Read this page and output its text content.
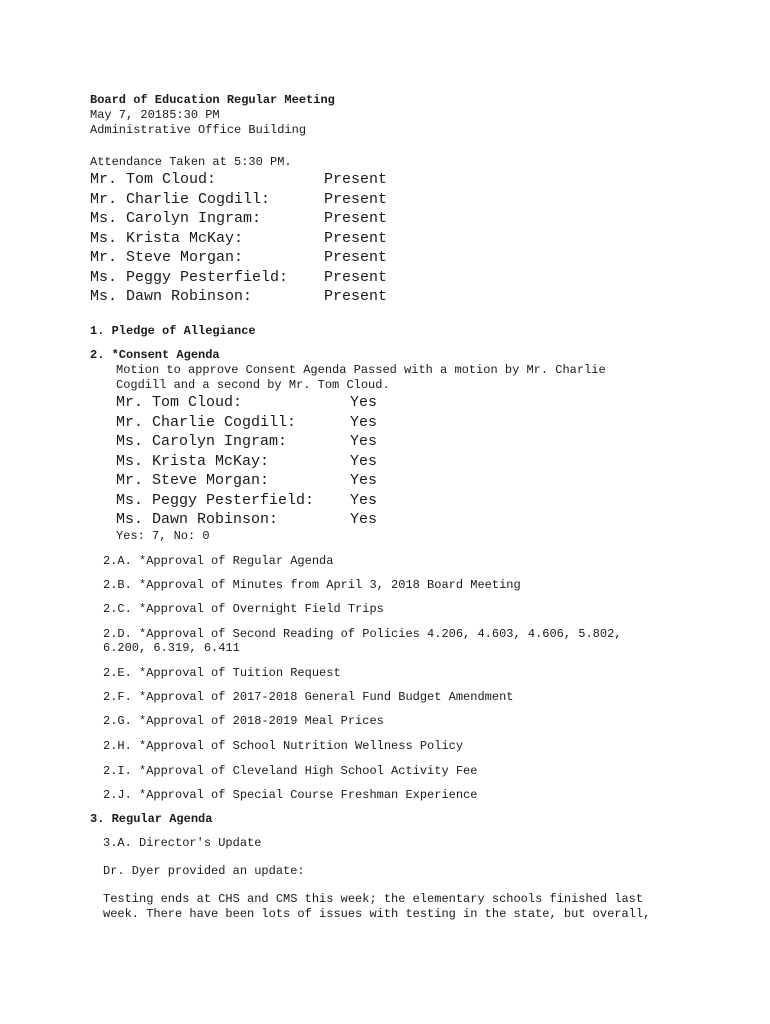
Board of Education Regular Meeting
May 7, 20185:30 PM
Administrative Office Building
Attendance Taken at 5:30 PM.
Mr. Tom Cloud:	Present
Mr. Charlie Cogdill:	Present
Ms. Carolyn Ingram:	Present
Ms. Krista McKay:	Present
Mr. Steve Morgan:	Present
Ms. Peggy Pesterfield:	Present
Ms. Dawn Robinson:	Present
1. Pledge of Allegiance
2. *Consent Agenda
Motion to approve Consent Agenda Passed with a motion by Mr. Charlie
Cogdill and a second by Mr. Tom Cloud.
Mr. Tom Cloud:	Yes
Mr. Charlie Cogdill:	Yes
Ms. Carolyn Ingram:	Yes
Ms. Krista McKay:	Yes
Mr. Steve Morgan:	Yes
Ms. Peggy Pesterfield:	Yes
Ms. Dawn Robinson:	Yes
Yes: 7, No: 0
2.A. *Approval of Regular Agenda
2.B. *Approval of Minutes from April 3, 2018 Board Meeting
2.C. *Approval of Overnight Field Trips
2.D. *Approval of Second Reading of Policies 4.206, 4.603, 4.606, 5.802,
6.200, 6.319, 6.411
2.E. *Approval of Tuition Request
2.F. *Approval of 2017-2018 General Fund Budget Amendment
2.G. *Approval of 2018-2019 Meal Prices
2.H. *Approval of School Nutrition Wellness Policy
2.I. *Approval of Cleveland High School Activity Fee
2.J. *Approval of Special Course Freshman Experience
3. Regular Agenda
3.A. Director's Update
Dr. Dyer provided an update:
Testing ends at CHS and CMS this week; the elementary schools finished last
week. There have been lots of issues with testing in the state, but overall,
